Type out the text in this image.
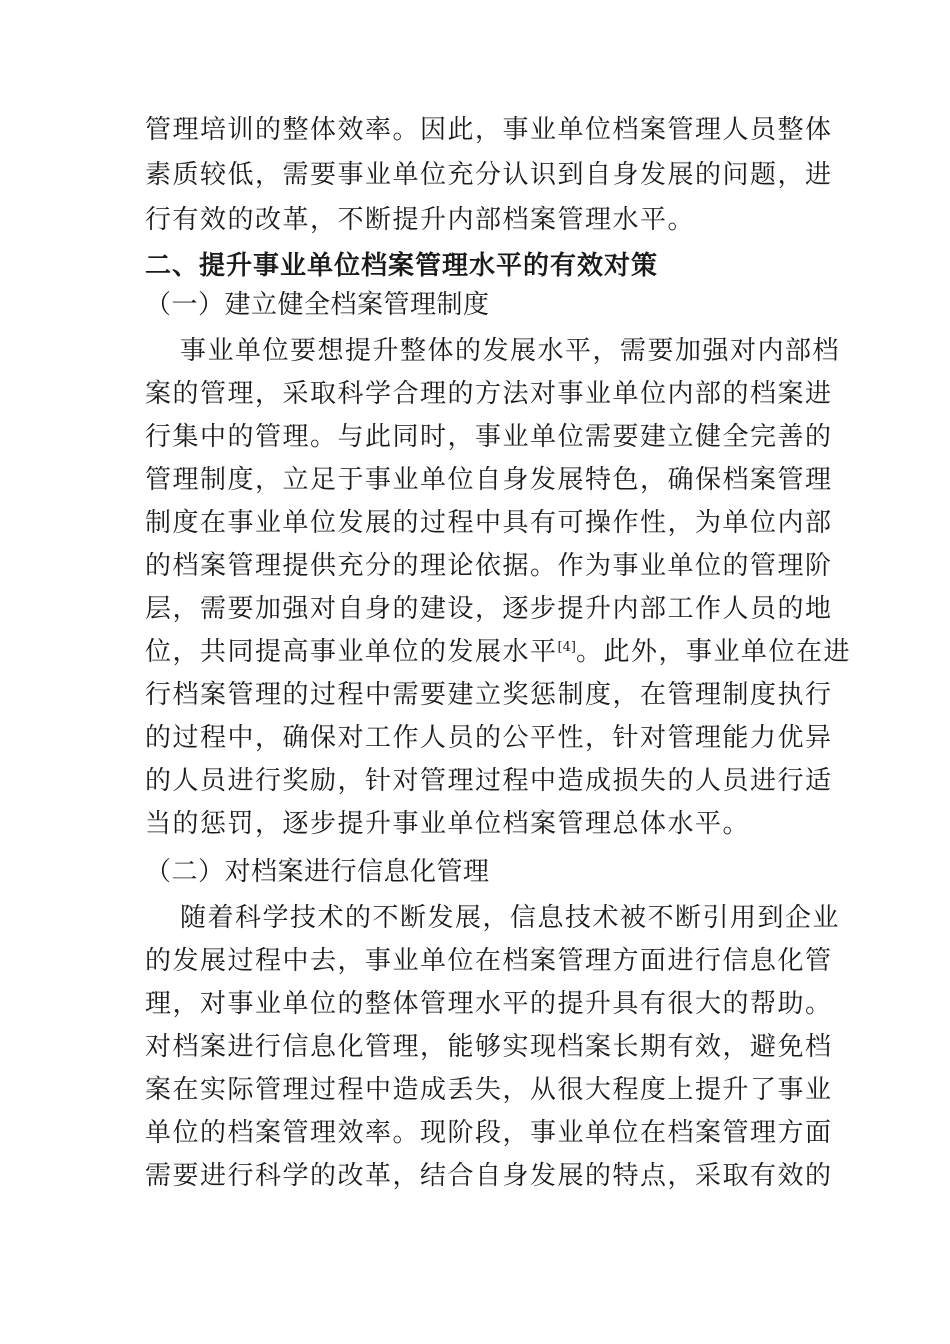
管理培训的整体效率。因此，事业单位档案管理人员整体
素质较低，需要事业单位充分认识到自身发展的问题，进
行有效的改革，不断提升内部档案管理水平。
二、提升事业单位档案管理水平的有效对策
（一）建立健全档案管理制度
事业单位要想提升整体的发展水平，需要加强对内部档
案的管理，采取科学合理的方法对事业单位内部的档案进
行集中的管理。与此同时，事业单位需要建立健全完善的
管理制度，立足于事业单位自身发展特色，确保档案管理
制度在事业单位发展的过程中具有可操作性，为单位内部
的档案管理提供充分的理论依据。作为事业单位的管理阶
层，需要加强对自身的建设，逐步提升内部工作人员的地
位，共同提高事业单位的发展水平[4]。此外，事业单位在进
行档案管理的过程中需要建立奖惩制度，在管理制度执行
的过程中，确保对工作人员的公平性，针对管理能力优异
的人员进行奖励，针对管理过程中造成损失的人员进行适
当的惩罚，逐步提升事业单位档案管理总体水平。
（二）对档案进行信息化管理
随着科学技术的不断发展，信息技术被不断引用到企业
的发展过程中去，事业单位在档案管理方面进行信息化管
理，对事业单位的整体管理水平的提升具有很大的帮助。
对档案进行信息化管理，能够实现档案长期有效，避免档
案在实际管理过程中造成丢失，从很大程度上提升了事业
单位的档案管理效率。现阶段，事业单位在档案管理方面
需要进行科学的改革，结合自身发展的特点，采取有效的
